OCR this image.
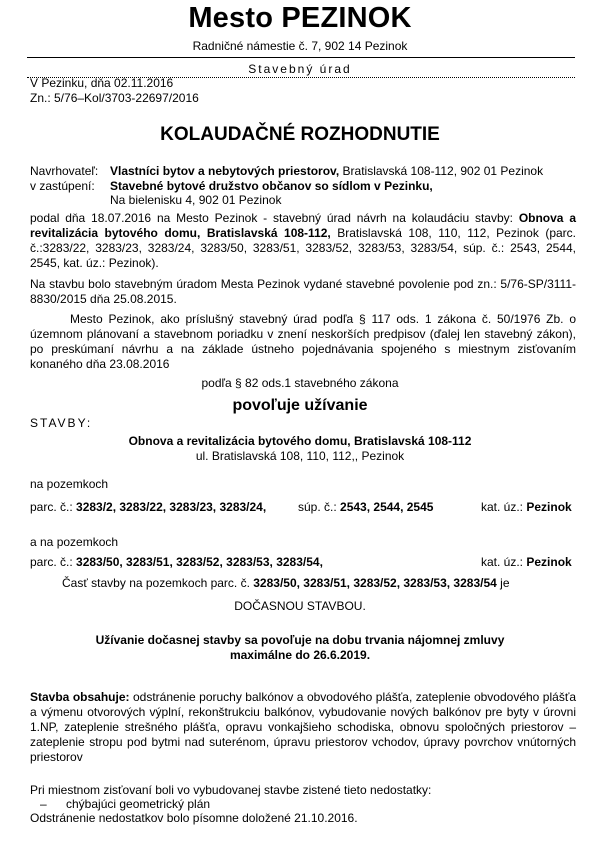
Mesto PEZINOK
Radničné námestie č. 7, 902 14 Pezinok
Stavebný úrad
V Pezinku, dňa 02.11.2016
Zn.: 5/76–Kol/3703-22697/2016
KOLAUDAČNÉ ROZHODNUTIE
Navrhovateľ: Vlastníci bytov a nebytových priestorov, Bratislavská 108-112, 902 01 Pezinok
v zastúpení: Stavebné bytové družstvo občanov so sídlom v Pezinku,
Na bielenisku 4, 902 01 Pezinok
podal dňa 18.07.2016 na Mesto Pezinok - stavebný úrad návrh na kolaudáciu stavby: Obnova a revitalizácia bytového domu, Bratislavská 108-112, Bratislavská 108, 110, 112, Pezinok (parc. č.:3283/22, 3283/23, 3283/24, 3283/50, 3283/51, 3283/52, 3283/53, 3283/54, súp. č.: 2543, 2544, 2545, kat. úz.: Pezinok).
Na stavbu bolo stavebným úradom Mesta Pezinok vydané stavebné povolenie pod zn.: 5/76-SP/3111-8830/2015 dňa 25.08.2015.
Mesto Pezinok, ako príslušný stavebný úrad podľa § 117 ods. 1 zákona č. 50/1976 Zb. o územnom plánovaní a stavebnom poriadku v znení neskorších predpisov (ďalej len stavebný zákon), po preskúmaní návrhu a na základe ústneho pojednávania spojeného s miestnym zisťovaním konaného dňa 23.08.2016
podľa § 82 ods.1 stavebného zákona
povoľuje užívanie
STAVBY:
Obnova a revitalizácia bytového domu, Bratislavská 108-112
ul. Bratislavská 108, 110, 112,, Pezinok
na pozemkoch
parc. č.: 3283/2, 3283/22, 3283/23, 3283/24,	súp. č.: 2543, 2544, 2545	kat. úz.: Pezinok
a na pozemkoch
parc. č.: 3283/50, 3283/51, 3283/52, 3283/53, 3283/54,	kat. úz.: Pezinok
Časť stavby na pozemkoch parc. č. 3283/50, 3283/51, 3283/52, 3283/53, 3283/54 je
DOČASNOU STAVBOU.
Užívanie dočasnej stavby sa povoľuje na dobu trvania nájomnej zmluvy
maximálne do 26.6.2019.
Stavba obsahuje: odstránenie poruchy balkónov a obvodového plášťa, zateplenie obvodového plášťa a výmenu otvorových výplní, rekonštrukciu balkónov, vybudovanie nových balkónov pre byty v úrovni 1.NP, zateplenie strešného plášťa, opravu vonkajšieho schodiska, obnovu spoločných priestorov – zateplenie stropu pod bytmi nad suterénom, úpravu priestorov vchodov, úpravy povrchov vnútorných priestorov
Pri miestnom zisťovaní boli vo vybudovanej stavbe zistené tieto nedostatky:
– chýbajúci geometrický plán
Odstránenie nedostatkov bolo písomne doložené 21.10.2016.
